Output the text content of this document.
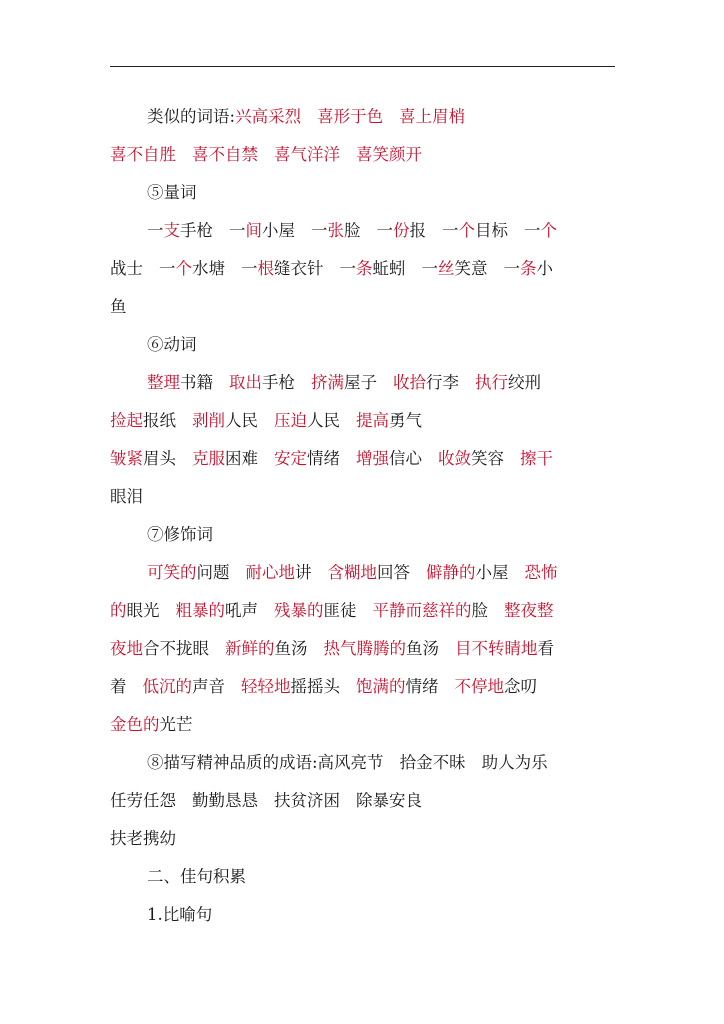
类似的词语:兴高采烈 喜形于色 喜上眉梢
喜不自胜 喜不自禁 喜气洋洋 喜笑颜开
⑤量词
一支手枪 一间小屋 一张脸 一份报 一个目标 一个
战士 一个水塘 一根缝衣针 一条蚯蚓 一丝笑意 一条小
鱼
⑥动词
整理书籍 取出手枪 挤满屋子 收拾行李 执行绞刑
捡起报纸 剥削人民 压迫人民 提高勇气
皱紧眉头 克服困难 安定情绪 增强信心 收敛笑容 擦干
眼泪
⑦修饰词
可笑的问题 耐心地讲 含糊地回答 僻静的小屋 恐怖
的眼光 粗暴的吼声 残暴的匪徒 平静而慈祥的脸 整夜整
夜地合不拢眼 新鲜的鱼汤 热气腾腾的鱼汤 目不转睛地看
着 低沉的声音 轻轻地摇摇头 饱满的情绪 不停地念叨
金色的光芒
⑧描写精神品质的成语:高风亮节 拾金不昧 助人为乐
任劳任怨 勤勤恳恳 扶贫济困 除暴安良
扶老携幼
二、佳句积累
1.比喻句
